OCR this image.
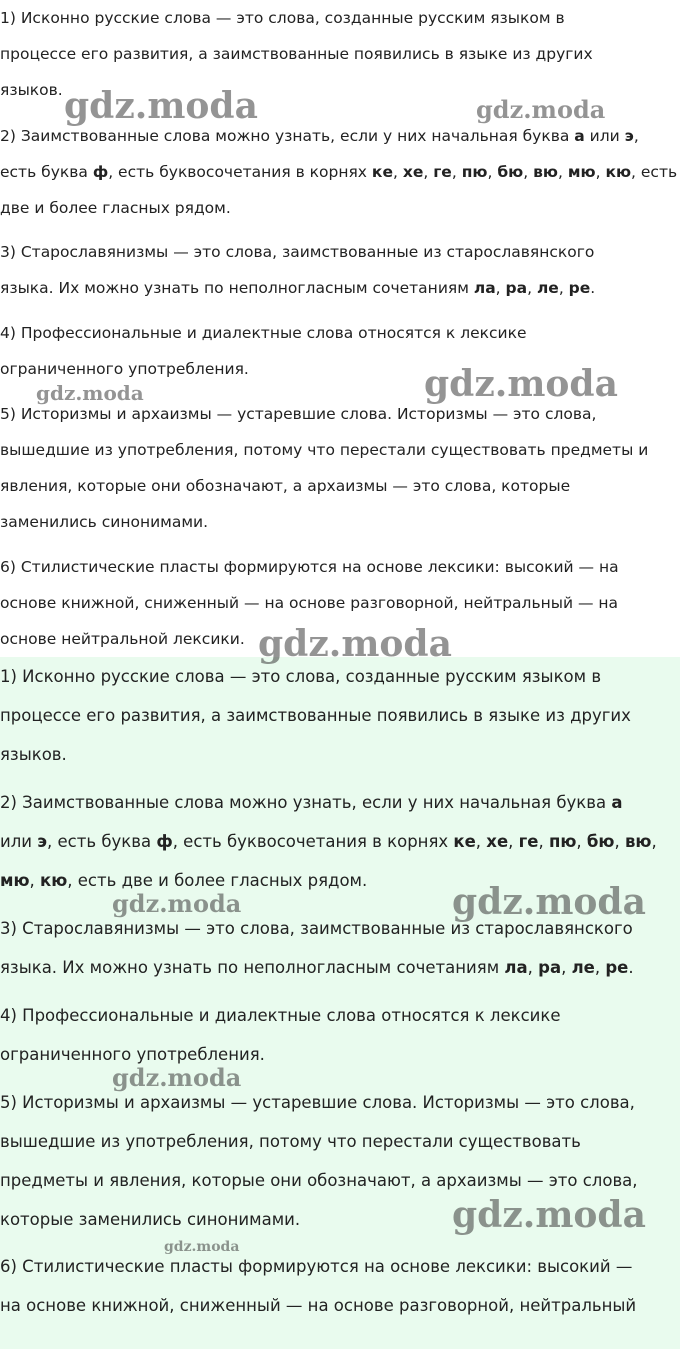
1) Исконно русские слова — это слова, созданные русским языком в
процессе его развития, а заимствованные появились в языке из других
языков.

2) Заимствованные слова можно узнать, если у них начальная буква а или э,
есть буква ф, есть буквосочетания в корнях ке, хе, ге, пю, бю, вю, мю, кю, есть
две и более гласных рядом.

3) Старославянизмы — это слова, заимствованные из старославянского
языка. Их можно узнать по неполногласным сочетаниям ла, ра, ле, ре.

4) Профессиональные и диалектные слова относятся к лексике
ограниченного употребления.

5) Историзмы и архаизмы — устаревшие слова. Историзмы — это слова,
вышедшие из употребления, потому что перестали существовать предметы и
явления, которые они обозначают, а архаизмы — это слова, которые
заменились синонимами.

6) Стилистические пласты формируются на основе лексики: высокий — на
основе книжной, сниженный — на основе разговорной, нейтральный — на
основе нейтральной лексики.

1) Исконно русские слова — это слова, созданные русским языком в
процессе его развития, а заимствованные появились в языке из других
языков.

2) Заимствованные слова можно узнать, если у них начальная буква а
или э, есть буква ф, есть буквосочетания в корнях ке, хе, ге, пю, бю, вю,
мю, кю, есть две и более гласных рядом.

3) Старославянизмы — это слова, заимствованные из старославянского
языка. Их можно узнать по неполногласным сочетаниям ла, ра, ле, ре.

4) Профессиональные и диалектные слова относятся к лексике
ограниченного употребления.

5) Историзмы и архаизмы — устаревшие слова. Историзмы — это слова,
вышедшие из употребления, потому что перестали существовать
предметы и явления, которые они обозначают, а архаизмы — это слова,
которые заменились синонимами.

6) Стилистические пласты формируются на основе лексики: высокий —
на основе книжной, сниженный — на основе разговорной, нейтральный

gdz.moda	gdz.moda
gdz.moda	gdz.moda
gdz.moda
gdz.moda	gdz.moda
gdz.moda
gdz.moda
gdz.moda
